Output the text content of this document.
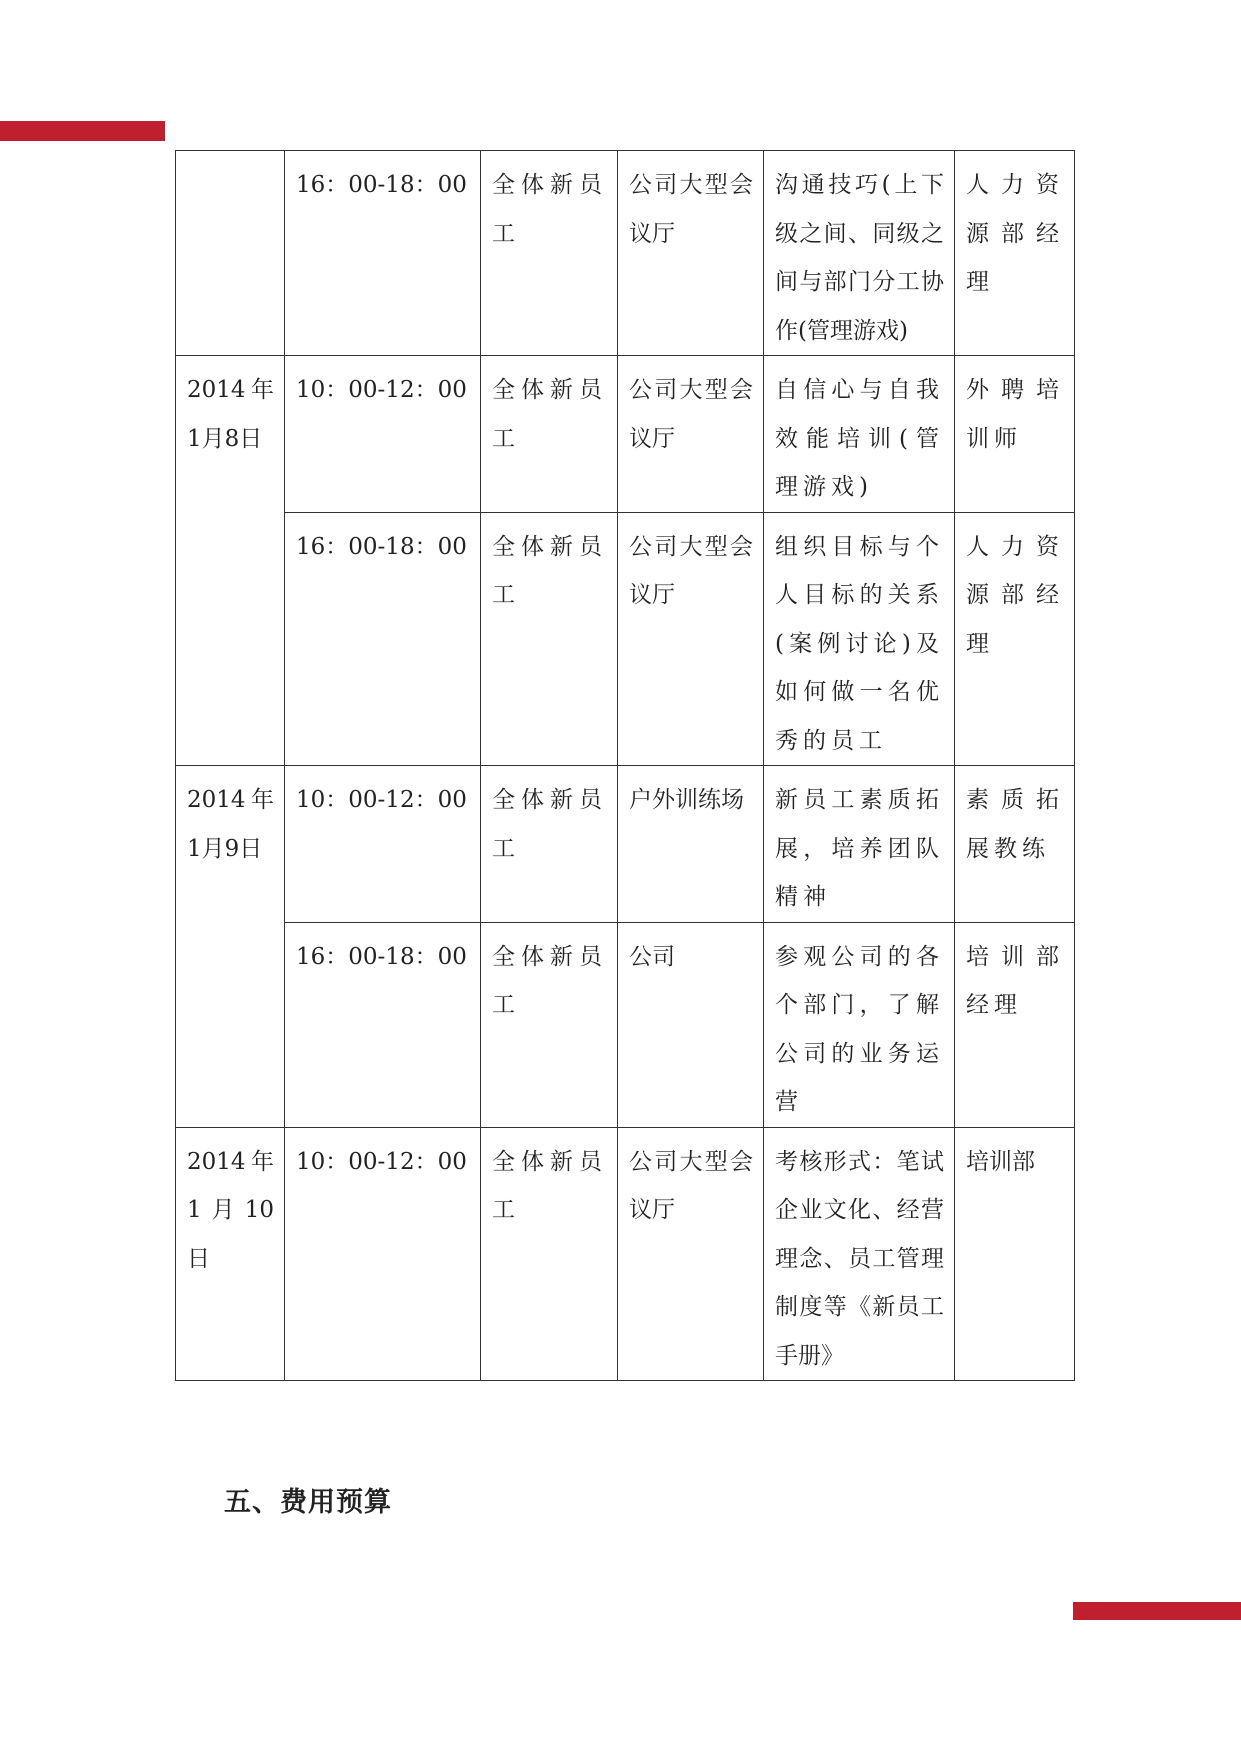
	16：00-18：00	全体新员工	公司大型会议厅	沟通技巧(上下级之间、同级之间与部门分工协作(管理游戏)	人力资源部经理
2014年1月8日	10：00-12：00	全体新员工	公司大型会议厅	自信心与自我效能培训(管理游戏)	外聘培训师
	16：00-18：00	全体新员工	公司大型会议厅	组织目标与个人目标的关系(案例讨论)及如何做一名优秀的员工	人力资源部经理
2014年1月9日	10：00-12：00	全体新员工	户外训练场	新员工素质拓展，培养团队精神	素质拓展教练
	16：00-18：00	全体新员工	公司	参观公司的各个部门，了解公司的业务运营	培训部经理
2014年1月10日	10：00-12：00	全体新员工	公司大型会议厅	考核形式：笔试企业文化、经营理念、员工管理制度等《新员工手册》	培训部
五、费用预算
